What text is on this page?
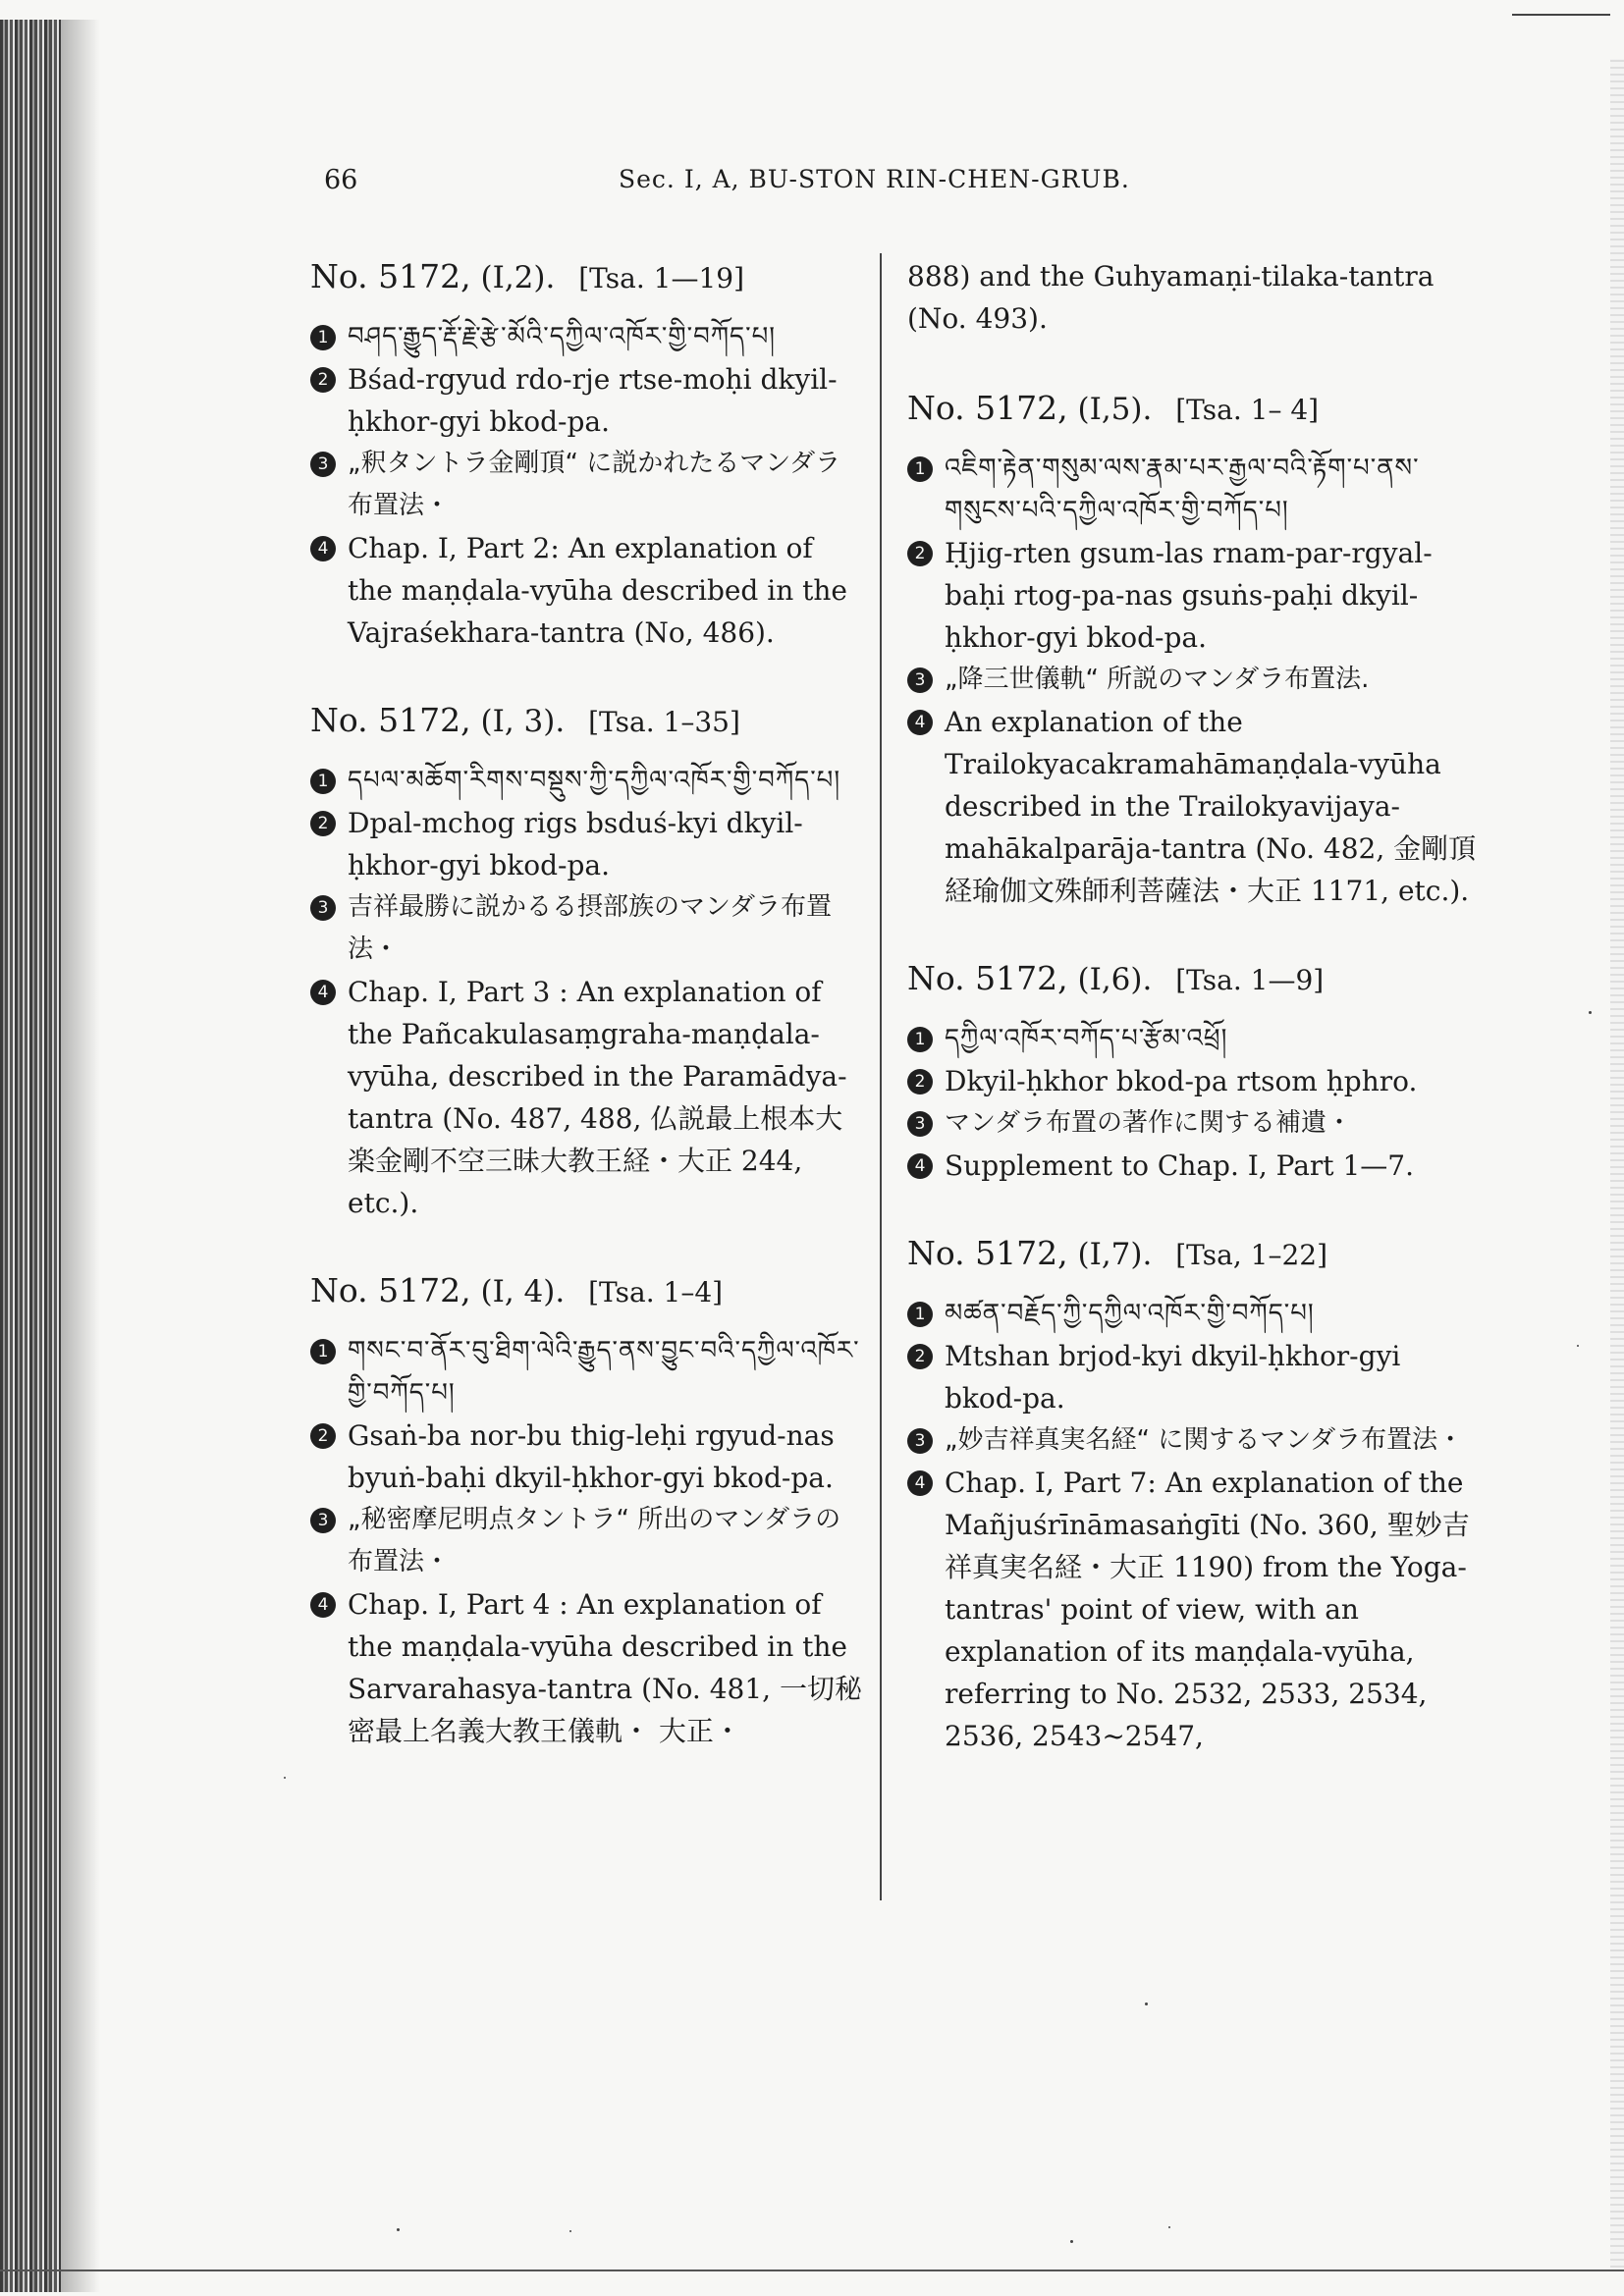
66	Sec. I, A, BU-STON RIN-CHEN-GRUB.
No. 5172, (I,2). [Tsa. 1—19]
1 བཤད་རྒྱུད་རྡོ་རྗེ་རྩེ་མོའི་དཀྱིལ་འཁོར་གྱི་བཀོད་པ།
2 Bśad-rgyud rdo-rje rtse-moḥi dkyil-ḥkhor-gyi bkod-pa.
3 „釈タントラ金剛頂“ に説かれたるマンダラ布置法・
4 Chap. I, Part 2: An explanation of the maṇḍala-vyūha described in the Vajraśekhara-tantra (No, 486).
No. 5172, (I, 3). [Tsa. 1–35]
1 དཔལ་མཆོག་རིགས་བསྡུས་ཀྱི་དཀྱིལ་འཁོར་གྱི་བཀོད་པ།
2 Dpal-mchog rigs bsduś-kyi dkyil-ḥkhor-gyi bkod-pa.
3 吉祥最勝に説かるる摂部族のマンダラ布置法・
4 Chap. I, Part 3 : An explanation of the Pañcakulasaṃgraha-maṇḍala-vyūha, described in the Paramādya-tantra (No. 487, 488, 仏説最上根本大楽金剛不空三昧大教王経・大正 244, etc.).
No. 5172, (I, 4). [Tsa. 1–4]
1 གསང་བ་ནོར་བུ་ཐིག་ལེའི་རྒྱུད་ནས་བྱུང་བའི་དཀྱིལ་འཁོར་གྱི་བཀོད་པ།
2 Gsaṅ-ba nor-bu thig-leḥi rgyud-nas byuṅ-baḥi dkyil-ḥkhor-gyi bkod-pa.
3 „秘密摩尼明点タントラ“ 所出のマンダラの布置法・
4 Chap. I, Part 4 : An explanation of the maṇḍala-vyūha described in the Sarvarahasya-tantra (No. 481, 一切秘密最上名義大教王儀軌・ 大正・
888) and the Guhyamaṇi-tilaka-tantra (No. 493).
No. 5172, (I,5). [Tsa. 1– 4]
1 འཇིག་རྟེན་གསུམ་ལས་རྣམ་པར་རྒྱལ་བའི་རྟོག་པ་ནས་གསུངས་པའི་དཀྱིལ་འཁོར་གྱི་བཀོད་པ།
2 Ḥjig-rten gsum-las rnam-par-rgyal-baḥi rtog-pa-nas gsuṅs-paḥi dkyil-ḥkhor-gyi bkod-pa.
3 „降三世儀軌“ 所説のマンダラ布置法.
4 An explanation of the Trailokyacakramahāmaṇḍala-vyūha described in the Trailokyavijaya-mahākalparāja-tantra (No. 482, 金剛頂経瑜伽文殊師利菩薩法・大正 1171, etc.).
No. 5172, (I,6). [Tsa. 1—9]
1 དཀྱིལ་འཁོར་བཀོད་པ་རྩོམ་འཕྲོ།
2 Dkyil-ḥkhor bkod-pa rtsom ḥphro.
3 マンダラ布置の著作に関する補遺・
4 Supplement to Chap. I, Part 1—7.
No. 5172, (I,7). [Tsa, 1–22]
1 མཚན་བརྗོད་ཀྱི་དཀྱིལ་འཁོར་གྱི་བཀོད་པ།
2 Mtshan brjod-kyi dkyil-ḥkhor-gyi bkod-pa.
3 „妙吉祥真実名経“ に関するマンダラ布置法・
4 Chap. I, Part 7: An explanation of the Mañjuśrīnāmasaṅgīti (No. 360, 聖妙吉祥真実名経・大正 1190) from the Yoga-tantras' point of view, with an explanation of its maṇḍala-vyūha, referring to No. 2532, 2533, 2534, 2536, 2543~2547,
